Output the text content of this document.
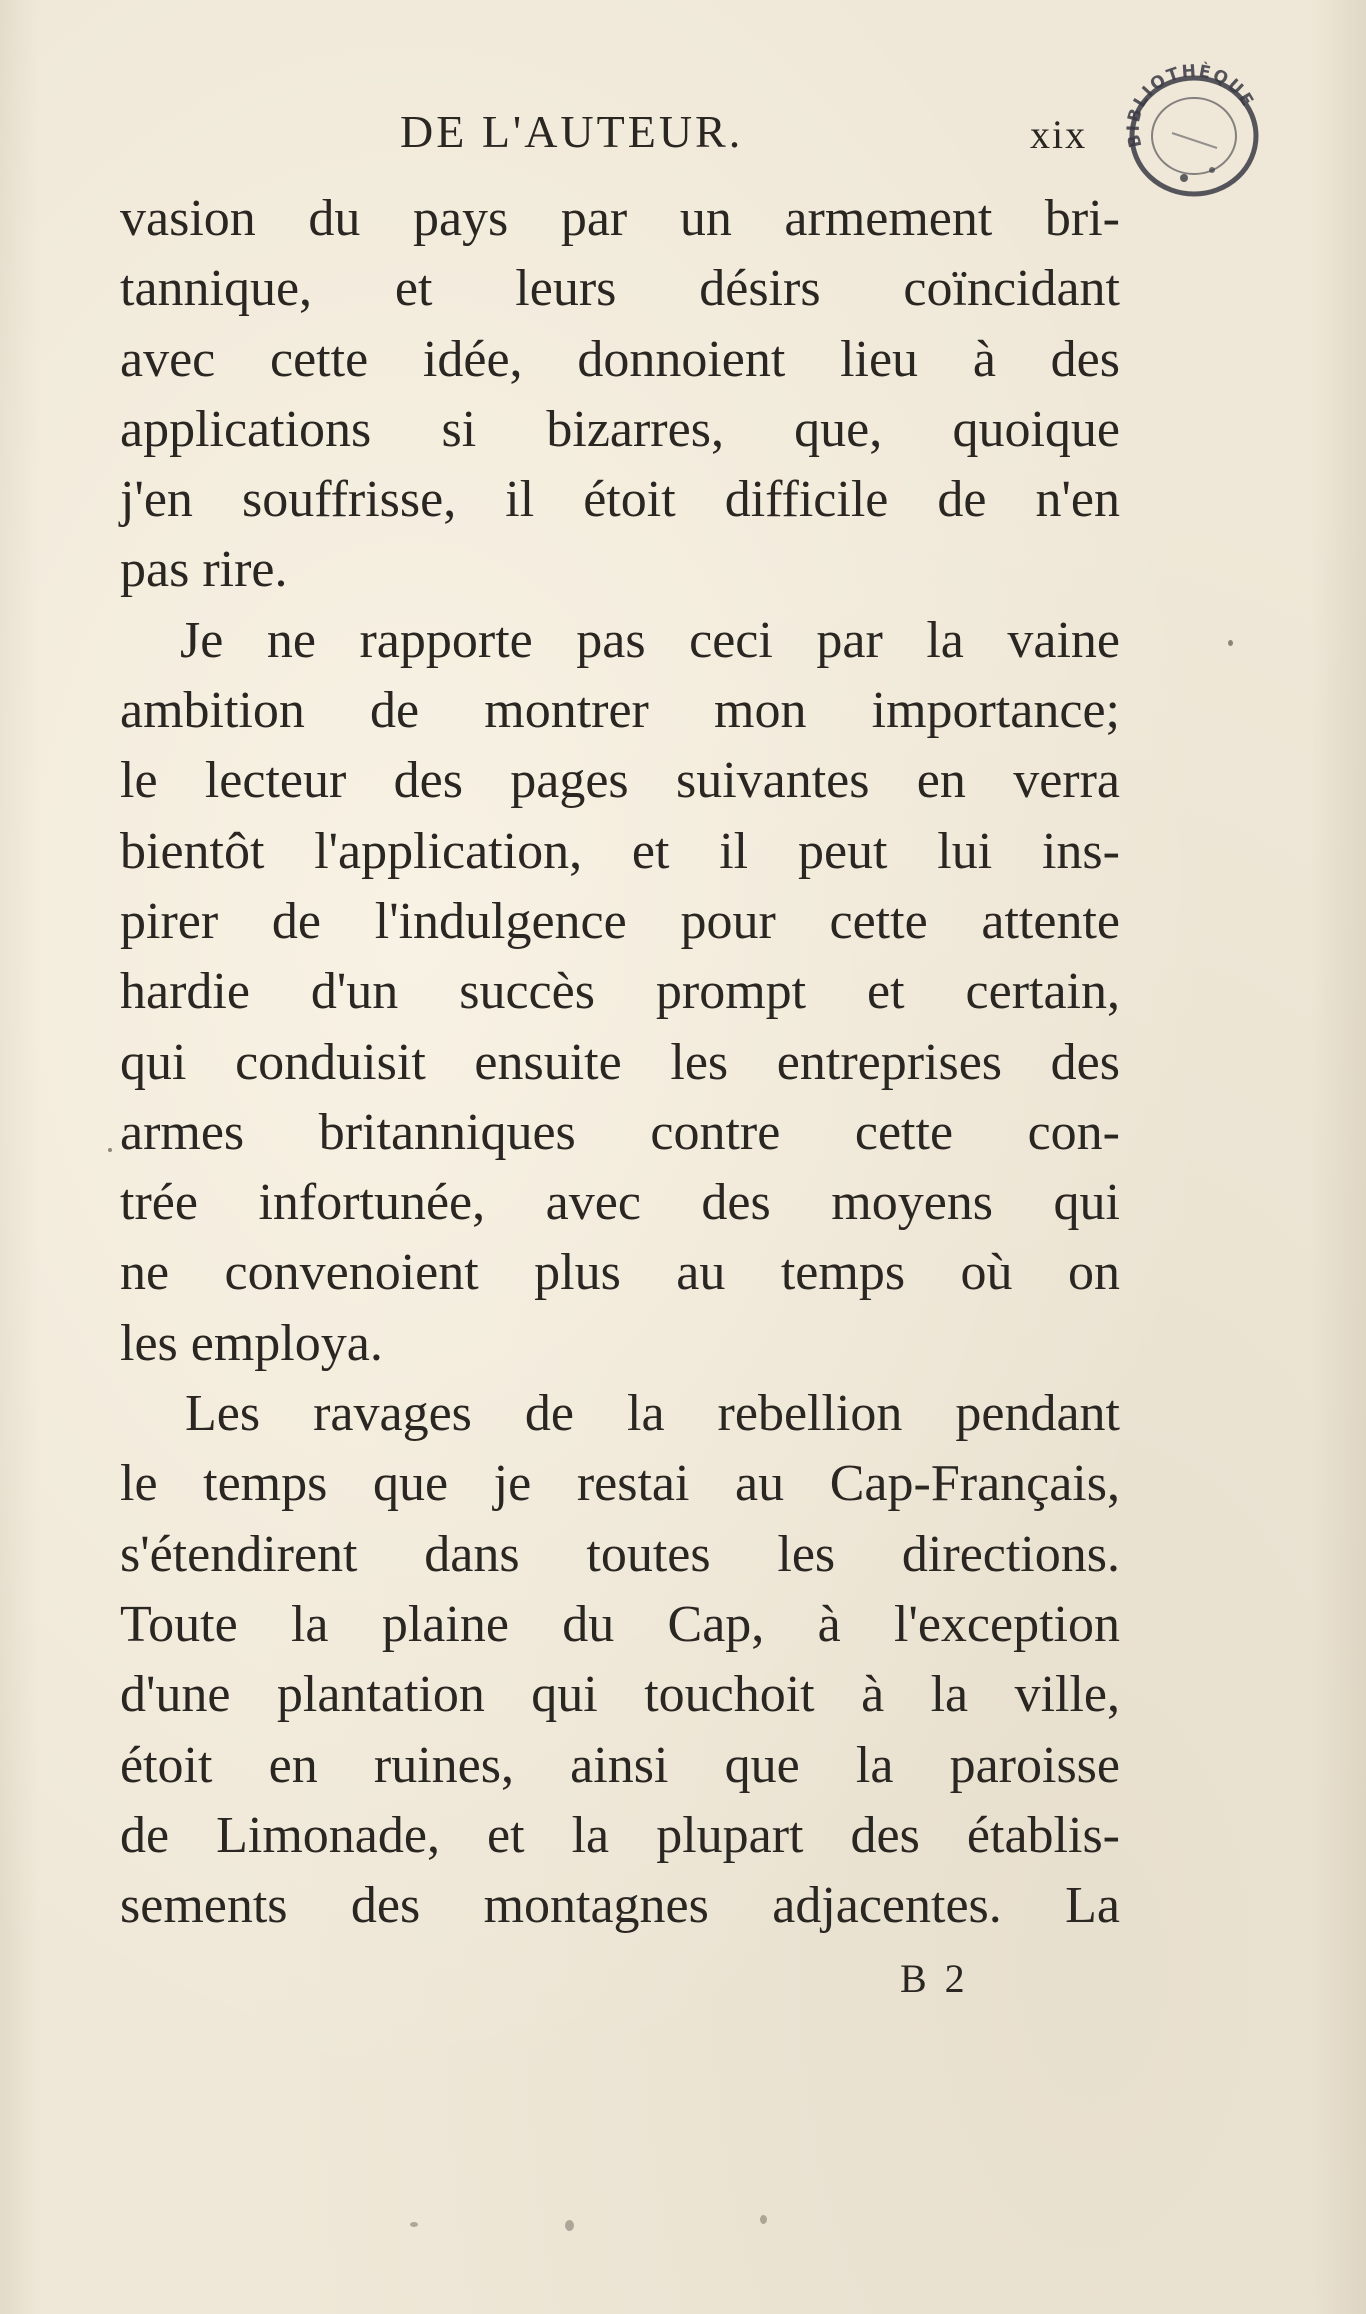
DE L'AUTEUR.	xix BIBLIOTHÈQUE
vasion du pays par un armement bri-
tannique, et leurs désirs coïncidant
avec cette idée, donnoient lieu à des
applications si bizarres, que, quoique
j'en souffrisse, il étoit difficile de n'en
pas rire.
Je ne rapporte pas ceci par la vaine
ambition de montrer mon importance;
le lecteur des pages suivantes en verra
bientôt l'application, et il peut lui ins-
pirer de l'indulgence pour cette attente
hardie d'un succès prompt et certain,
qui conduisit ensuite les entreprises des
armes britanniques contre cette con-
trée infortunée, avec des moyens qui
ne convenoient plus au temps où on
les employa.
Les ravages de la rebellion pendant
le temps que je restai au Cap-Français,
s'étendirent dans toutes les directions.
Toute la plaine du Cap, à l'exception
d'une plantation qui touchoit à la ville,
étoit en ruines, ainsi que la paroisse
de Limonade, et la plupart des établis-
sements des montagnes adjacentes. La
B 2
